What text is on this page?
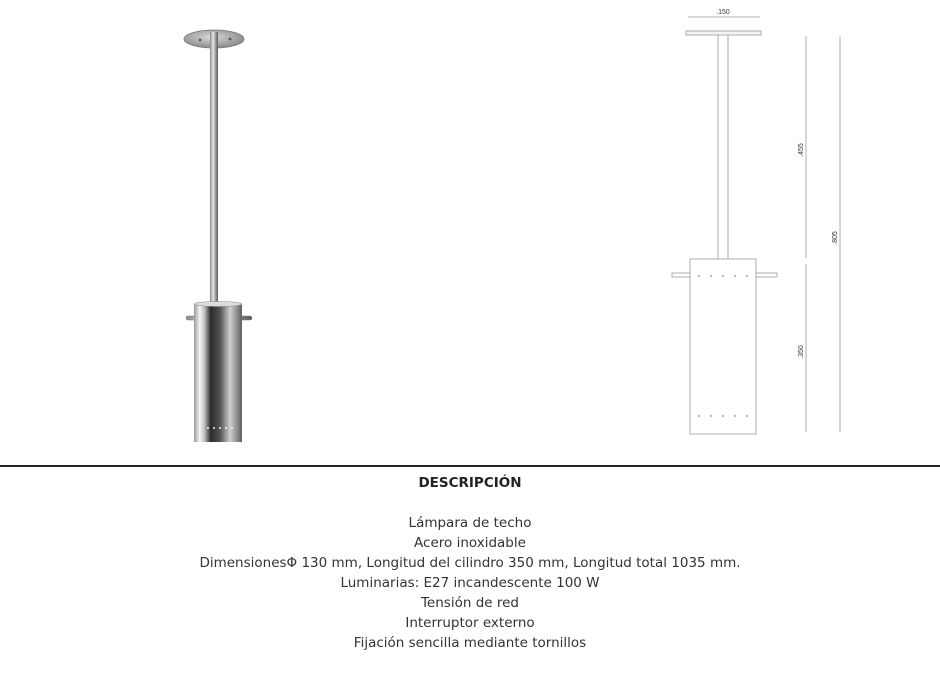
.150
.455
.805
.350
DESCRIPCIÓN
Lámpara de techo
Acero inoxidable
DimensionesΦ 130 mm, Longitud del cilindro 350 mm, Longitud total 1035 mm.
Luminarias: E27 incandescente 100 W
Tensión de red
Interruptor externo
Fijación sencilla mediante tornillos
